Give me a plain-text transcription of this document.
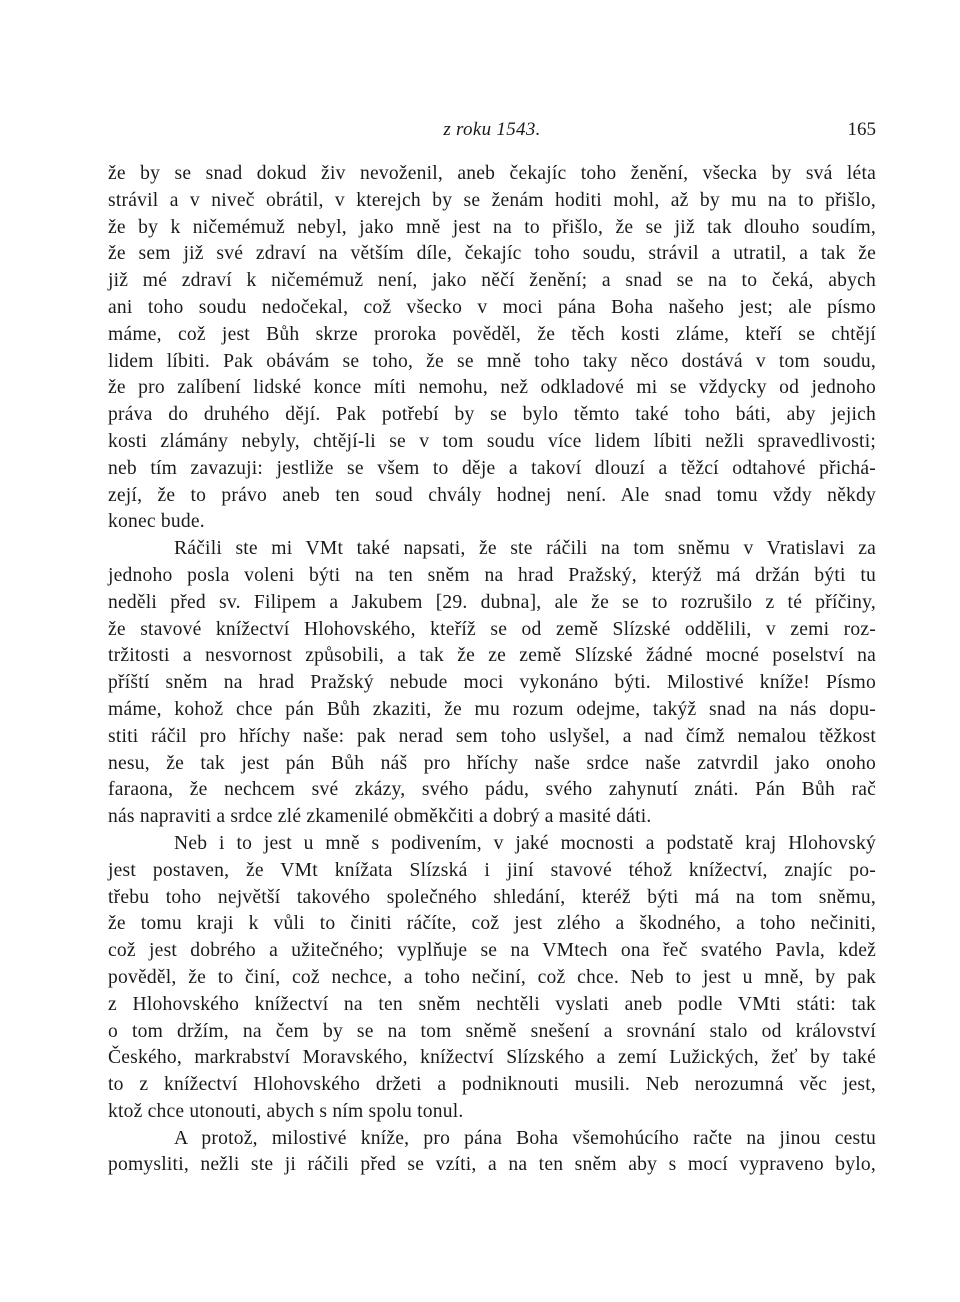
z roku 1543.	165
že by se snad dokud živ nevoženil, aneb čekajíc toho ženění, všecka by svá léta
strávil a v niveč obrátil, v kterejch by se ženám hoditi mohl, až by mu na to přišlo,
že by k ničemémuž nebyl, jako mně jest na to přišlo, že se již tak dlouho soudím,
že sem již své zdraví na větším díle, čekajíc toho soudu, strávil a utratil, a tak že
již mé zdraví k ničemémuž není, jako něčí ženění; a snad se na to čeká, abych
ani toho soudu nedočekal, což všecko v moci pána Boha našeho jest; ale písmo
máme, což jest Bůh skrze proroka pověděl, že těch kosti zláme, kteří se chtějí
lidem líbiti. Pak obávám se toho, že se mně toho taky něco dostává v tom soudu,
že pro zalíbení lidské konce míti nemohu, než odkladové mi se vždycky od jednoho
práva do druhého dějí. Pak potřebí by se bylo těmto také toho báti, aby jejich
kosti zlámány nebyly, chtějí-li se v tom soudu více lidem líbiti nežli spravedlivosti;
neb tím zavazuji: jestliže se všem to děje a takoví dlouzí a těžcí odtahové přichá-
zejí, že to právo aneb ten soud chvály hodnej není. Ale snad tomu vždy někdy
konec bude.
Ráčili ste mi VMt také napsati, že ste ráčili na tom sněmu v Vratislavi za
jednoho posla voleni býti na ten sněm na hrad Pražský, kterýž má držán býti tu
neděli před sv. Filipem a Jakubem [29. dubna], ale že se to rozrušilo z té příčiny,
že stavové knížectví Hlohovského, kteříž se od země Slízské oddělili, v zemi roz-
tržitosti a nesvornost způsobili, a tak že ze země Slízské žádné mocné poselství na
příští sněm na hrad Pražský nebude moci vykonáno býti. Milostivé kníže! Písmo
máme, kohož chce pán Bůh zkaziti, že mu rozum odejme, takýž snad na nás dopu-
stiti ráčil pro hříchy naše: pak nerad sem toho uslyšel, a nad čímž nemalou těžkost
nesu, že tak jest pán Bůh náš pro hříchy naše srdce naše zatvrdil jako onoho
faraona, že nechcem své zkázy, svého pádu, svého zahynutí znáti. Pán Bůh rač
nás napraviti a srdce zlé zkamenilé obměkčiti a dobrý a masité dáti.
Neb i to jest u mně s podivením, v jaké mocnosti a podstatě kraj Hlohovský
jest postaven, že VMt knížata Slízská i jiní stavové téhož knížectví, znajíc po-
třebu toho největší takového společného shledání, kteréž býti má na tom sněmu,
že tomu kraji k vůli to činiti ráčíte, což jest zlého a škodného, a toho nečiniti,
což jest dobrého a užitečného; vyplňuje se na VMtech ona řeč svatého Pavla, kdež
pověděl, že to činí, což nechce, a toho nečiní, což chce. Neb to jest u mně, by pak
z Hlohovského knížectví na ten sněm nechtěli vyslati aneb podle VMti státi: tak
o tom držím, na čem by se na tom sněmě snešení a srovnání stalo od království
Českého, markrabství Moravského, knížectví Slízského a zemí Lužických, žeť by také
to z knížectví Hlohovského držeti a podniknouti musili. Neb nerozumná věc jest,
ktož chce utonouti, abych s ním spolu tonul.
A protož, milostivé kníže, pro pána Boha všemohúcího račte na jinou cestu
pomysliti, nežli ste ji ráčili před se vzíti, a na ten sněm aby s mocí vypraveno bylo,
